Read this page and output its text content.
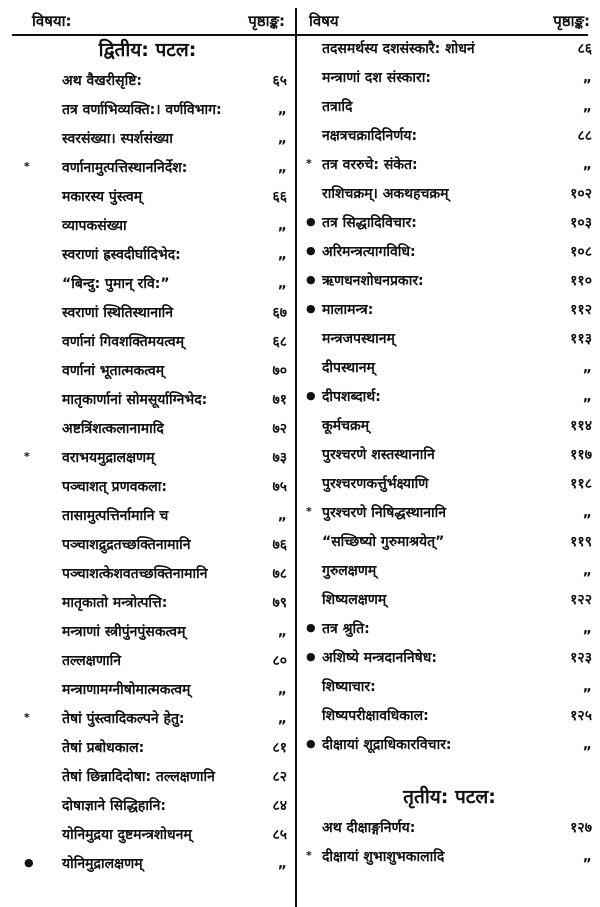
विषया:	पृष्ठाङ्क:
द्वितीय: पटल:
अथ वैखरीसृष्टि:	६५
तत्र वर्णाभिव्यक्ति:। वर्णविभाग:	„
स्वरसंख्या। स्पर्शसंख्या	„
*	वर्णानामुत्पत्तिस्थाननिर्देश:	„
मकारस्य पुंस्त्वम्	६६
व्यापकसंख्या	„
स्वराणां ह्रस्वदीर्घादिभेद:	„
“बिन्दु: पुमान् रवि:”	„
स्वराणां स्थितिस्थानानि	६७
वर्णानां गिवशक्तिमयत्वम्	६८
वर्णानां भूतात्मकत्वम्	७०
मातृकार्णानां सोमसूर्याग्निभेद:	७१
अष्टत्रिंशत्कलानामादि	७२
*	वराभयमुद्रालक्षणम्	७३
पञ्चाशत् प्रणवकला:	७५
तासामुत्पत्तिर्नामानि च	„
पञ्चाशद्रुद्रतच्छक्तिनामानि	७६
पञ्चाशत्केशवतच्छक्तिनामानि	७८
मातृकातो मन्त्रोत्पत्ति:	७९
मन्त्राणां स्त्रीपुंनपुंसकत्वम्	„
तल्लक्षणानि	८०
मन्त्राणामग्नीषोमात्मकत्वम्	„
*	तेषां पुंस्त्वादिकल्पने हेतु:	„
तेषां प्रबोधकाल:	८१
तेषां छिन्नादिदोषा: तल्लक्षणानि	८२
दोषाज्ञाने सिद्धिहानि:	८४
योनिमुद्रया दुष्टमन्त्रशोधनम्	८५
●	योनिमुद्रालक्षणम्	„
विषय	पृष्ठाङ्क:
तदसमर्थस्य दशसंस्कारै: शोधनं	८६
मन्त्राणां दश संस्कारा:	„
तत्रादि	„
नक्षत्रचक्रादिनिर्णय:	८८
* तत्र वररुचे: संकेत:	„
राशिचक्रम्। अकथहचक्रम्	१०२
● तत्र सिद्धादिविचार:	१०३
● अरिमन्त्रत्यागविधि:	१०८
● ऋणधनशोधनप्रकार:	११०
● मालामन्त्र:	११२
मन्त्रजपस्थानम्	११३
दीपस्थानम्	„
● दीपशब्दार्थ:	„
कूर्मचक्रम्	११४
पुरश्चरणे शस्तस्थानानि	११७
पुरश्चरणकर्त्तुर्भक्ष्याणि	११८
* पुरश्चरणे निषिद्धस्थानानि	„
“सच्छिष्यो गुरुमाश्रयेत्”	११९
गुरुलक्षणम्	„
शिष्यलक्षणम्	१२२
● तत्र श्रुति:	„
● अशिष्ये मन्त्रदाननिषेध:	१२३
शिष्याचार:	„
शिष्यपरीक्षावधिकाल:	१२५
● दीक्षायां शूद्राधिकारविचार:	„
तृतीय: पटल:
अथ दीक्षाङ्गनिर्णय:	१२७
* दीक्षायां शुभाशुभकालादि	„
